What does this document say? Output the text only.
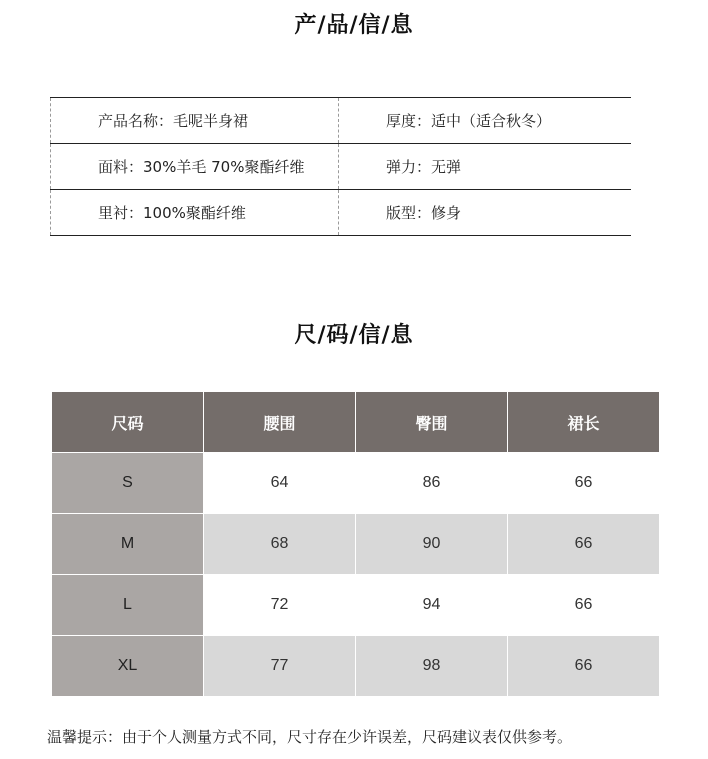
产/品/信/息
产品名称：毛呢半身裙	厚度：适中（适合秋冬）
面料：30%羊毛 70%聚酯纤维	弹力：无弹
里衬：100%聚酯纤维	版型：修身
尺/码/信/息
尺码	腰围	臀围	裙长
S	64	86	66
M	68	90	66
L	72	94	66
XL	77	98	66
温馨提示：由于个人测量方式不同，尺寸存在少许误差，尺码建议表仅供参考。
